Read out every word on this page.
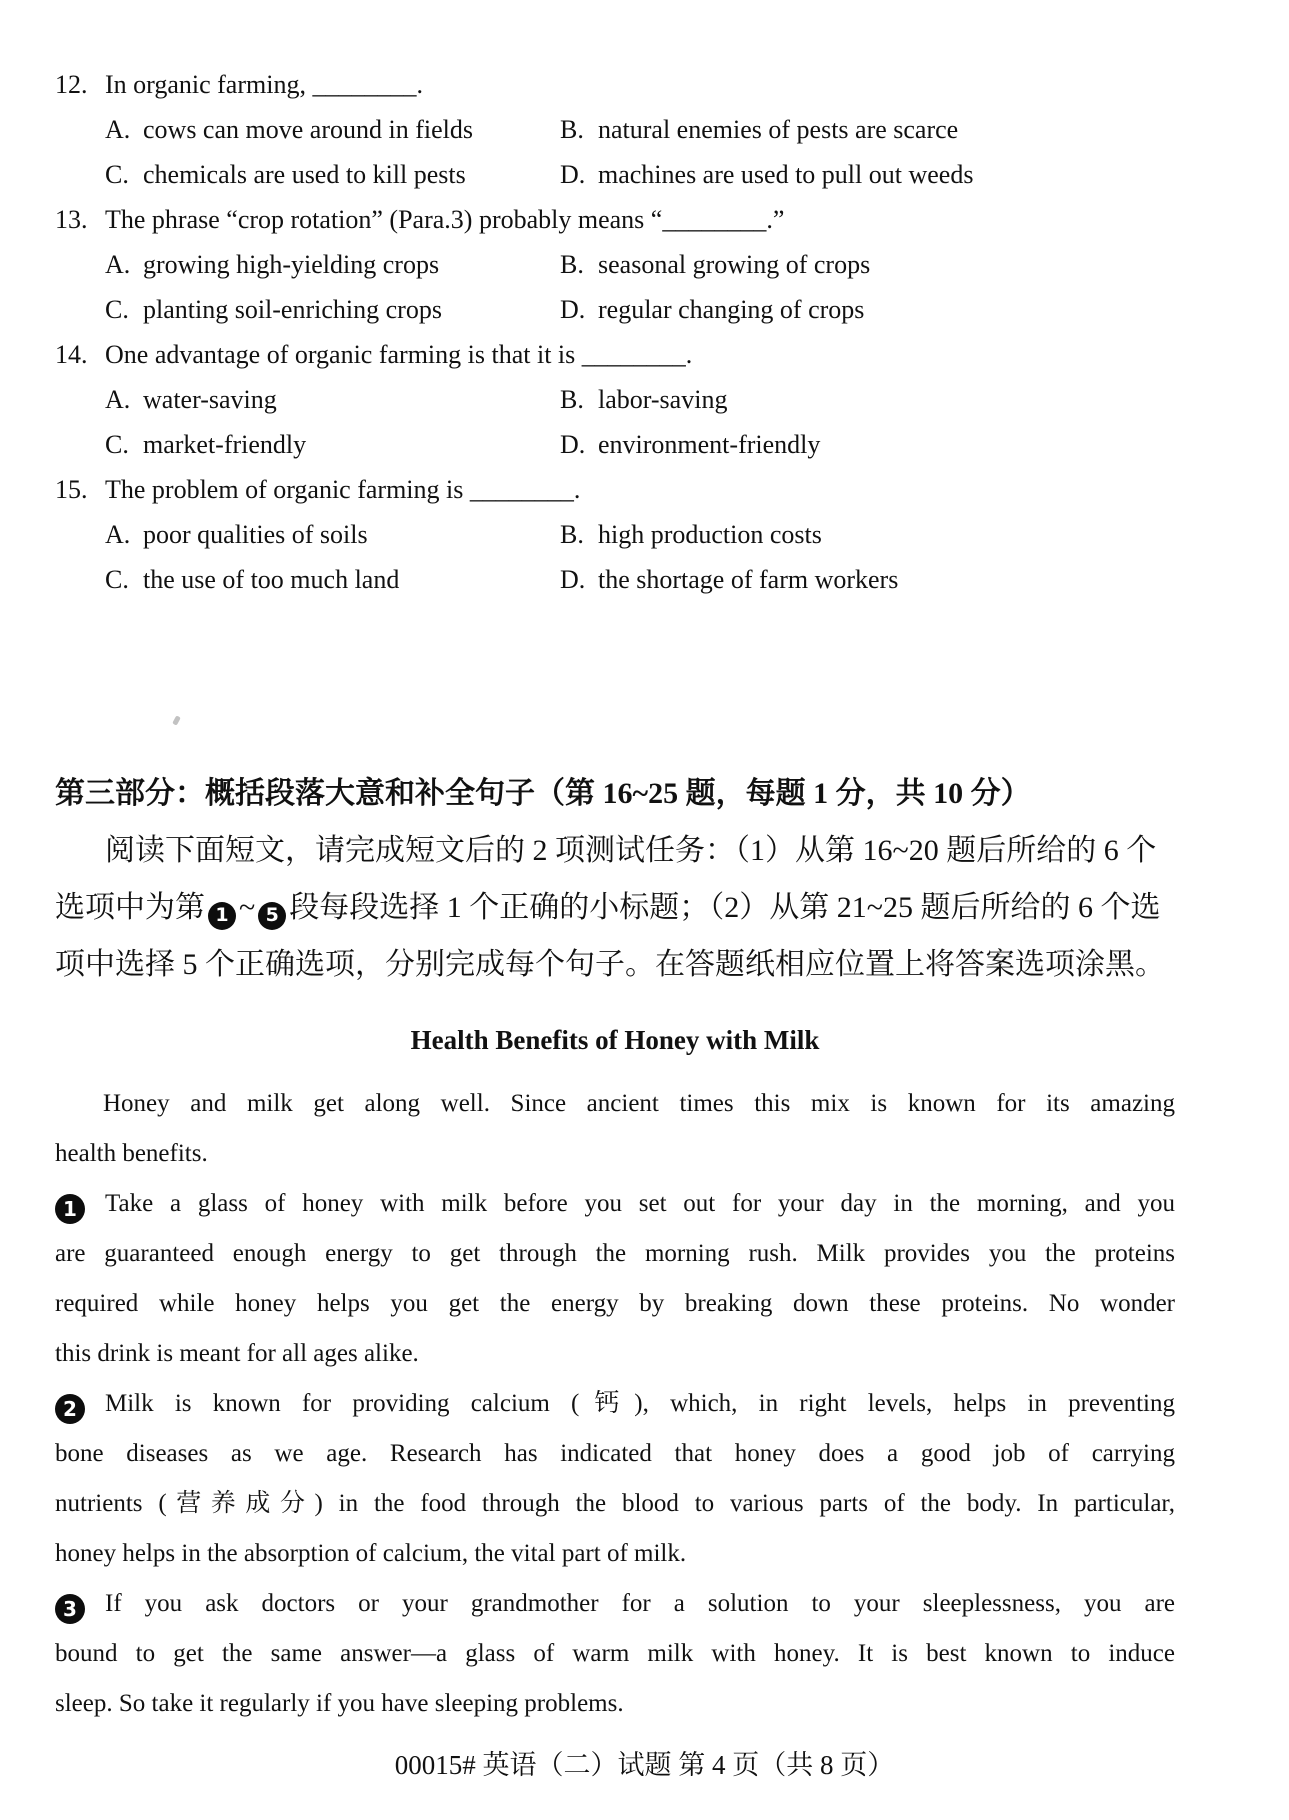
12. In organic farming, ________.
A. cows can move around in fields	B. natural enemies of pests are scarce
C. chemicals are used to kill pests	D. machines are used to pull out weeds
13. The phrase “crop rotation” (Para.3) probably means “________.”
A. growing high-yielding crops	B. seasonal growing of crops
C. planting soil-enriching crops	D. regular changing of crops
14. One advantage of organic farming is that it is ________.
A. water-saving	B. labor-saving
C. market-friendly	D. environment-friendly
15. The problem of organic farming is ________.
A. poor qualities of soils	B. high production costs
C. the use of too much land	D. the shortage of farm workers
第三部分：概括段落大意和补全句子（第 16~25 题，每题 1 分，共 10 分）
阅读下面短文，请完成短文后的 2 项测试任务：（1）从第 16~20 题后所给的 6 个
选项中为第 1 ~ 5 段每段选择 1 个正确的小标题；（2）从第 21~25 题后所给的 6 个选
项中选择 5 个正确选项，分别完成每个句子。在答题纸相应位置上将答案选项涂黑。
Health Benefits of Honey with Milk
Honey and milk get along well. Since ancient times this mix is known for its amazing
health benefits.
1 Take a glass of honey with milk before you set out for your day in the morning, and you
are guaranteed enough energy to get through the morning rush. Milk provides you the proteins
required while honey helps you get the energy by breaking down these proteins. No wonder
this drink is meant for all ages alike.
2 Milk is known for providing calcium (钙), which, in right levels, helps in preventing
bone diseases as we age. Research has indicated that honey does a good job of carrying
nutrients (营养成分) in the food through the blood to various parts of the body. In particular,
honey helps in the absorption of calcium, the vital part of milk.
3 If you ask doctors or your grandmother for a solution to your sleeplessness, you are
bound to get the same answer—a glass of warm milk with honey. It is best known to induce
sleep. So take it regularly if you have sleeping problems.
00015# 英语（二）试题 第 4 页（共 8 页）
